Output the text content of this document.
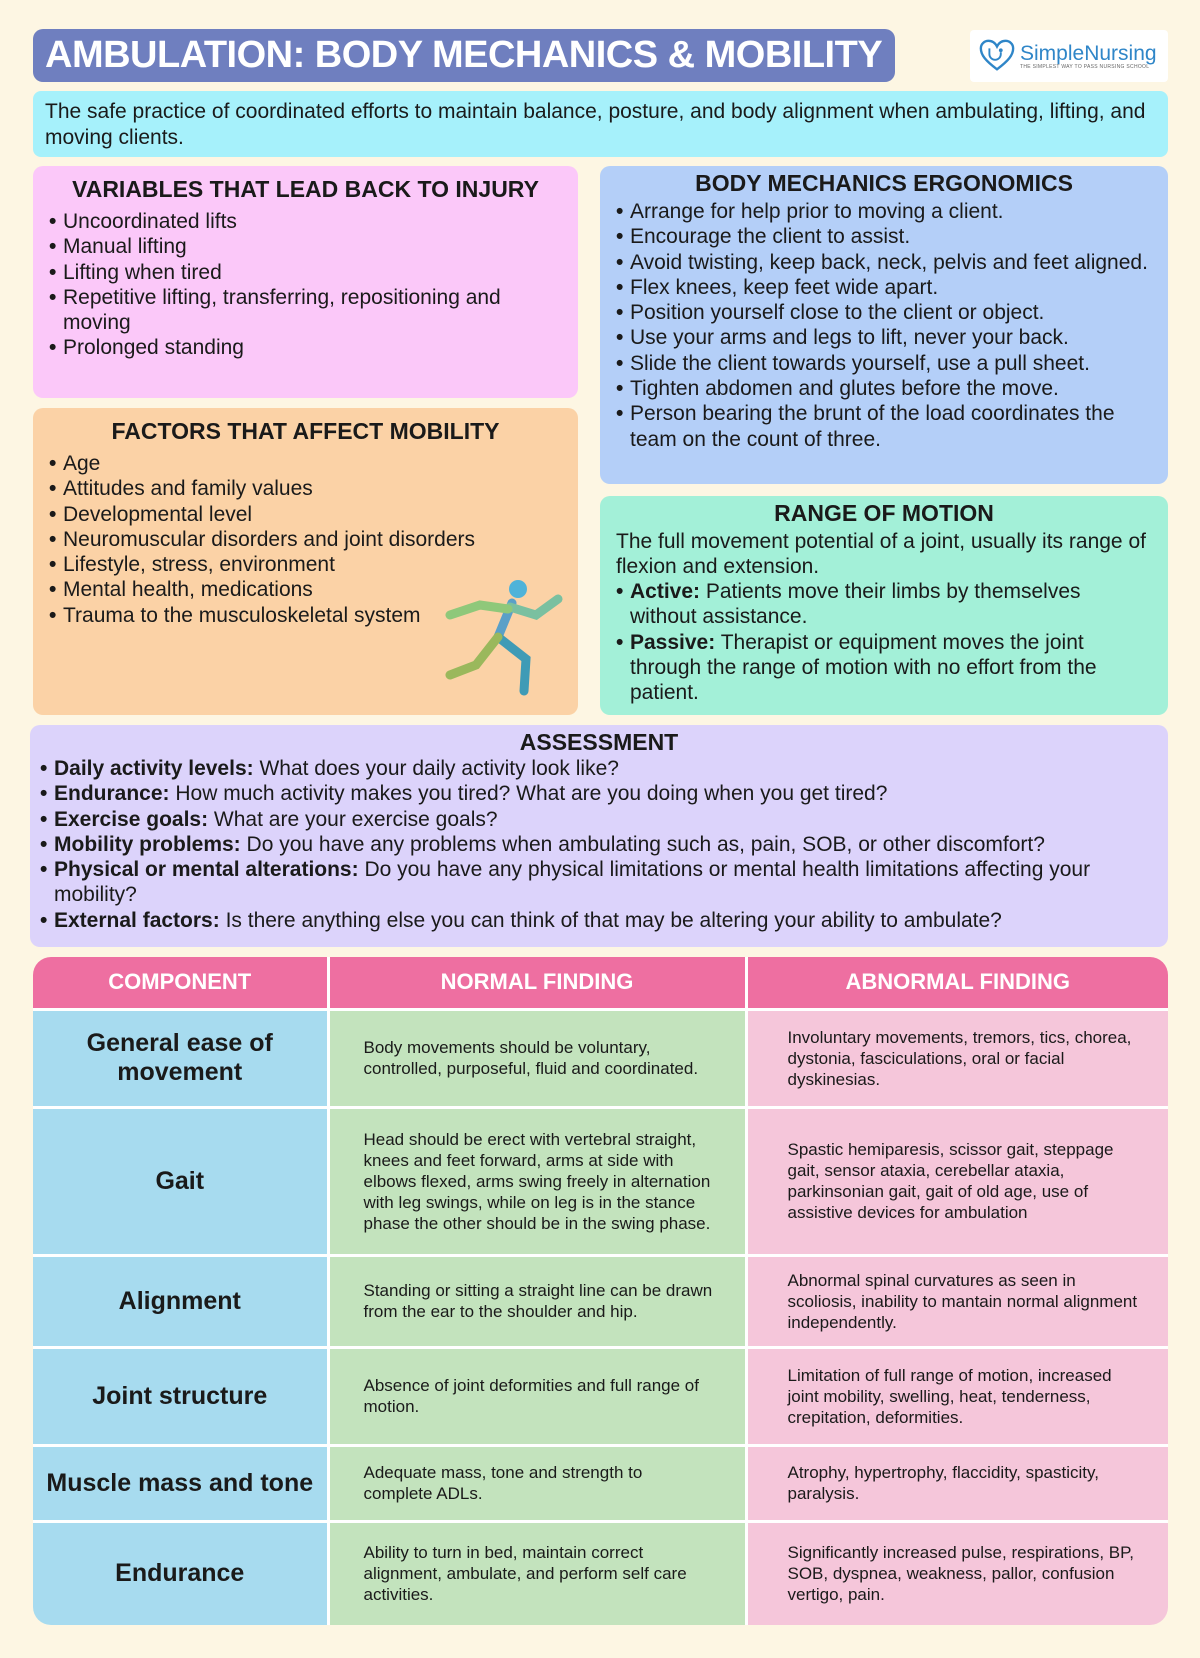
AMBULATION: BODY MECHANICS & MOBILITY	SimpleNursing
THE SIMPLEST WAY TO PASS NURSING SCHOOL
The safe practice of coordinated efforts to maintain balance, posture, and body alignment when ambulating, lifting, and moving clients.
VARIABLES THAT LEAD BACK TO INJURY
• Uncoordinated lifts
• Manual lifting
• Lifting when tired
• Repetitive lifting, transferring, repositioning and moving
• Prolonged standing
FACTORS THAT AFFECT MOBILITY
• Age
• Attitudes and family values
• Developmental level
• Neuromuscular disorders and joint disorders
• Lifestyle, stress, environment
• Mental health, medications
• Trauma to the musculoskeletal system
BODY MECHANICS ERGONOMICS
• Arrange for help prior to moving a client.
• Encourage the client to assist.
• Avoid twisting, keep back, neck, pelvis and feet aligned.
• Flex knees, keep feet wide apart.
• Position yourself close to the client or object.
• Use your arms and legs to lift, never your back.
• Slide the client towards yourself, use a pull sheet.
• Tighten abdomen and glutes before the move.
• Person bearing the brunt of the load coordinates the team on the count of three.
RANGE OF MOTION

The full movement potential of a joint, usually its range of flexion and extension.

• Active: Patients move their limbs by themselves without assistance.
• Passive: Therapist or equipment moves the joint through the range of motion with no effort from the patient.
ASSESSMENT
• Daily activity levels: What does your daily activity look like?
• Endurance: How much activity makes you tired? What are you doing when you get tired?
• Exercise goals: What are your exercise goals?
• Mobility problems: Do you have any problems when ambulating such as, pain, SOB, or other discomfort?
• Physical or mental alterations: Do you have any physical limitations or mental health limitations affecting your mobility?
• External factors: Is there anything else you can think of that may be altering your ability to ambulate?
COMPONENT	NORMAL FINDING	ABNORMAL FINDING
General ease of movement	Body movements should be voluntary, controlled, purposeful, fluid and coordinated.	Involuntary movements, tremors, tics, chorea, dystonia, fasciculations, oral or facial dyskinesias.
Gait	Head should be erect with vertebral straight, knees and feet forward, arms at side with elbows flexed, arms swing freely in alternation with leg swings, while on leg is in the stance phase the other should be in the swing phase.	Spastic hemiparesis, scissor gait, steppage gait, sensor ataxia, cerebellar ataxia, parkinsonian gait, gait of old age, use of assistive devices for ambulation
Alignment	Standing or sitting a straight line can be drawn from the ear to the shoulder and hip.	Abnormal spinal curvatures as seen in scoliosis, inability to mantain normal alignment independently.
Joint structure	Absence of joint deformities and full range of motion.	Limitation of full range of motion, increased joint mobility, swelling, heat, tenderness, crepitation, deformities.
Muscle mass and tone	Adequate mass, tone and strength to complete ADLs.	Atrophy, hypertrophy, flaccidity, spasticity, paralysis.
Endurance	Ability to turn in bed, maintain correct alignment, ambulate, and perform self care activities.	Significantly increased pulse, respirations, BP, SOB, dyspnea, weakness, pallor, confusion vertigo, pain.
